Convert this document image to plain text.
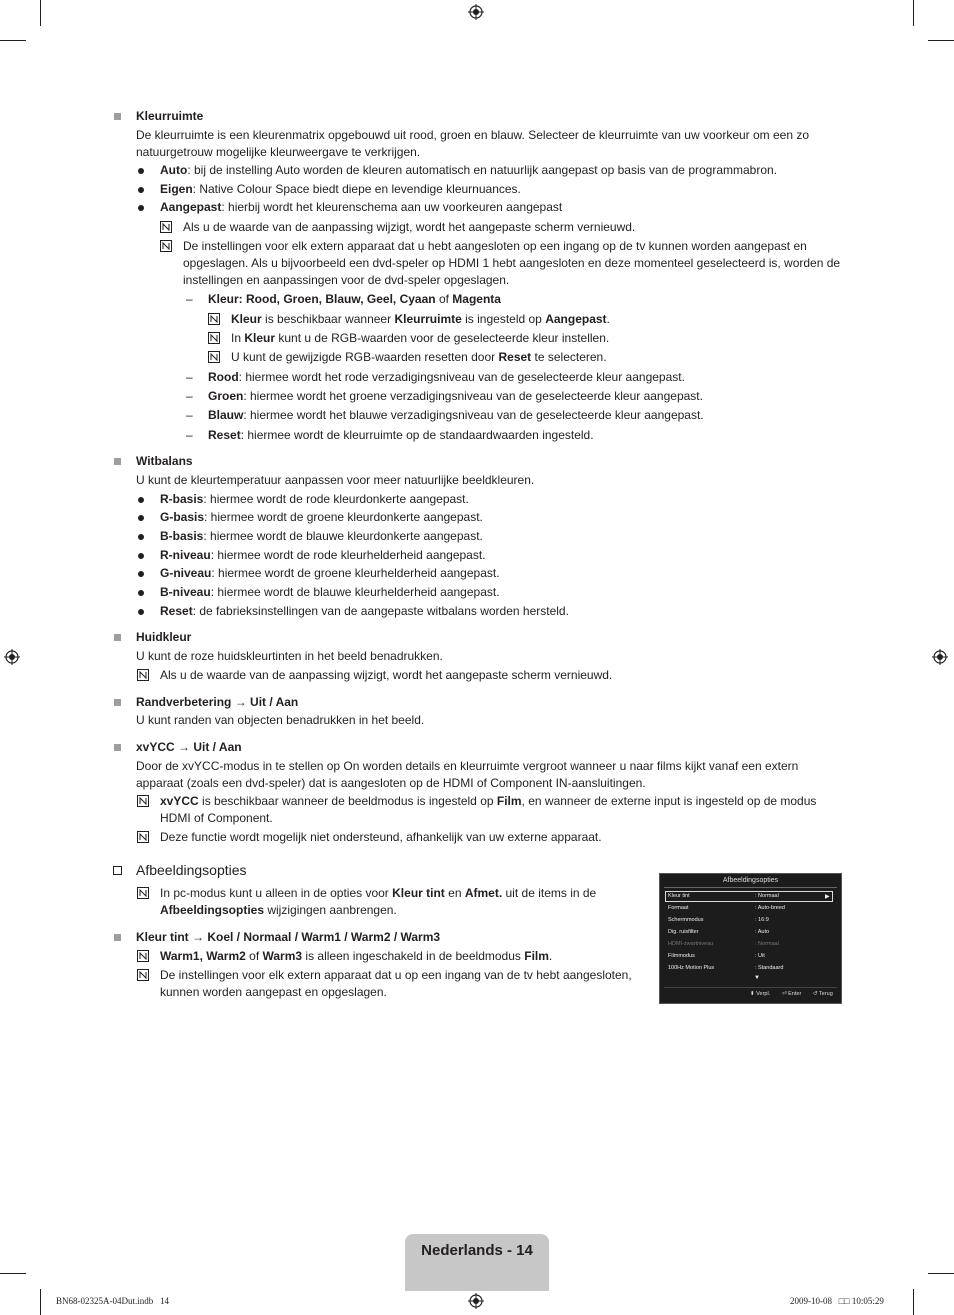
Kleurruimte
De kleurruimte is een kleurenmatrix opgebouwd uit rood, groen en blauw. Selecteer de kleurruimte van uw voorkeur om een zo natuurgetrouw mogelijke kleurweergave te verkrijgen.
Auto: bij de instelling Auto worden de kleuren automatisch en natuurlijk aangepast op basis van de programmabron.
Eigen: Native Colour Space biedt diepe en levendige kleurnuances.
Aangepast: hierbij wordt het kleurenschema aan uw voorkeuren aangepast
Als u de waarde van de aanpassing wijzigt, wordt het aangepaste scherm vernieuwd.
De instellingen voor elk extern apparaat dat u hebt aangesloten op een ingang op de tv kunnen worden aangepast en opgeslagen. Als u bijvoorbeeld een dvd-speler op HDMI 1 hebt aangesloten en deze momenteel geselecteerd is, worden de instellingen en aanpassingen voor de dvd-speler opgeslagen.
– Kleur: Rood, Groen, Blauw, Geel, Cyaan of Magenta
Kleur is beschikbaar wanneer Kleurruimte is ingesteld op Aangepast.
In Kleur kunt u de RGB-waarden voor de geselecteerde kleur instellen.
U kunt de gewijzigde RGB-waarden resetten door Reset te selecteren.
– Rood: hiermee wordt het rode verzadigingsniveau van de geselecteerde kleur aangepast.
– Groen: hiermee wordt het groene verzadigingsniveau van de geselecteerde kleur aangepast.
– Blauw: hiermee wordt het blauwe verzadigingsniveau van de geselecteerde kleur aangepast.
– Reset: hiermee wordt de kleurruimte op de standaardwaarden ingesteld.
Witbalans
U kunt de kleurtemperatuur aanpassen voor meer natuurlijke beeldkleuren.
R-basis: hiermee wordt de rode kleurdonkerte aangepast.
G-basis: hiermee wordt de groene kleurdonkerte aangepast.
B-basis: hiermee wordt de blauwe kleurdonkerte aangepast.
R-niveau: hiermee wordt de rode kleurhelderheid aangepast.
G-niveau: hiermee wordt de groene kleurhelderheid aangepast.
B-niveau: hiermee wordt de blauwe kleurhelderheid aangepast.
Reset: de fabrieksinstellingen van de aangepaste witbalans worden hersteld.
Huidkleur
U kunt de roze huidskleurtinten in het beeld benadrukken.
Als u de waarde van de aanpassing wijzigt, wordt het aangepaste scherm vernieuwd.
Randverbetering → Uit / Aan
U kunt randen van objecten benadrukken in het beeld.
xvYCC → Uit / Aan
Door de xvYCC-modus in te stellen op On worden details en kleurruimte vergroot wanneer u naar films kijkt vanaf een extern apparaat (zoals een dvd-speler) dat is aangesloten op de HDMI of Component IN-aansluitingen.
xvYCC is beschikbaar wanneer de beeldmodus is ingesteld op Film, en wanneer de externe input is ingesteld op de modus HDMI of Component.
Deze functie wordt mogelijk niet ondersteund, afhankelijk van uw externe apparaat.
Afbeeldingsopties
In pc-modus kunt u alleen in de opties voor Kleur tint en Afmet. uit de items in de Afbeeldingsopties wijzigingen aanbrengen.
Kleur tint → Koel / Normaal / Warm1 / Warm2 / Warm3
Warm1, Warm2 of Warm3 is alleen ingeschakeld in de beeldmodus Film.
De instellingen voor elk extern apparaat dat u op een ingang van de tv hebt aangesloten, kunnen worden aangepast en opgeslagen.
Afbeeldingsopties
▶
Kleur tint	: Normaal
Formaat	: Auto-breed
Schermmodus	: 16:9
Dig. ruisfilter	: Auto
HDMI-zwartniveau	: Normaal
Filmmodus	: Uit
100Hz Motion Plus	: Standaard
▼
⬍ Verpl. ⏎ Enter ↺ Terug
Nederlands - 14
BN68-02325A-04Dut.indb   14	2009-10-08   □□ 10:05:29
